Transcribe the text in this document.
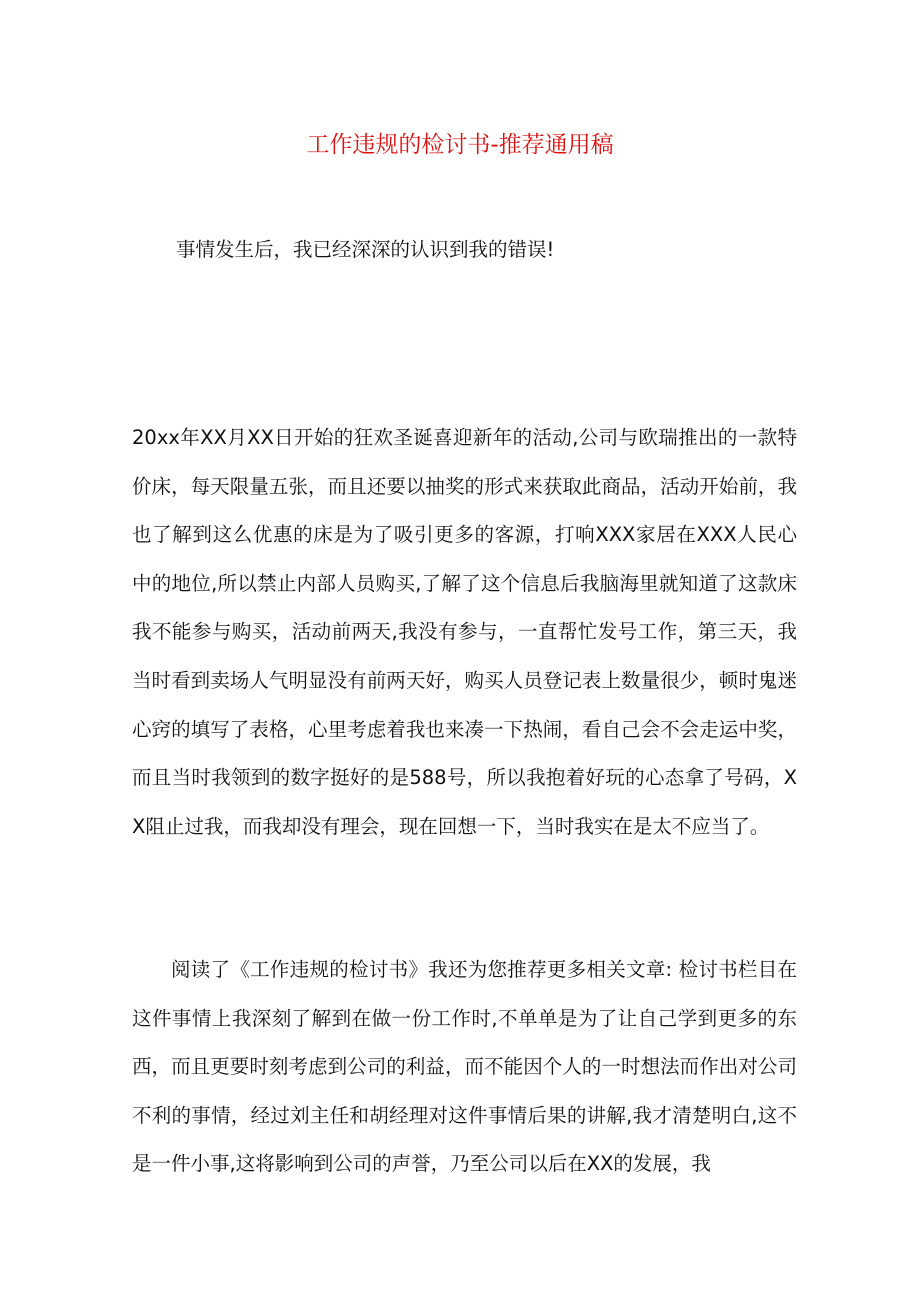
工作违规的检讨书-推荐通用稿

事情发生后，我已经深深的认识到我的错误!

20xx年XX月XX日开始的狂欢圣诞喜迎新年的活动,公司与欧瑞推出的一款特价床，每天限量五张，而且还要以抽奖的形式来获取此商品，活动开始前，我也了解到这么优惠的床是为了吸引更多的客源，打响XXX家居在XXX人民心中的地位,所以禁止内部人员购买,了解了这个信息后我脑海里就知道了这款床我不能参与购买，活动前两天,我没有参与，一直帮忙发号工作，第三天，我当时看到卖场人气明显没有前两天好，购买人员登记表上数量很少，顿时鬼迷心窍的填写了表格，心里考虑着我也来凑一下热闹，看自己会不会走运中奖，而且当时我领到的数字挺好的是588号，所以我抱着好玩的心态拿了号码，XX阻止过我，而我却没有理会，现在回想一下，当时我实在是太不应当了。

阅读了《工作违规的检讨书》我还为您推荐更多相关文章: 检讨书栏目在这件事情上我深刻了解到在做一份工作时,不单单是为了让自己学到更多的东西，而且更要时刻考虑到公司的利益，而不能因个人的一时想法而作出对公司不利的事情，经过刘主任和胡经理对这件事情后果的讲解,我才清楚明白,这不是一件小事,这将影响到公司的声誉，乃至公司以后在XX的发展，我
